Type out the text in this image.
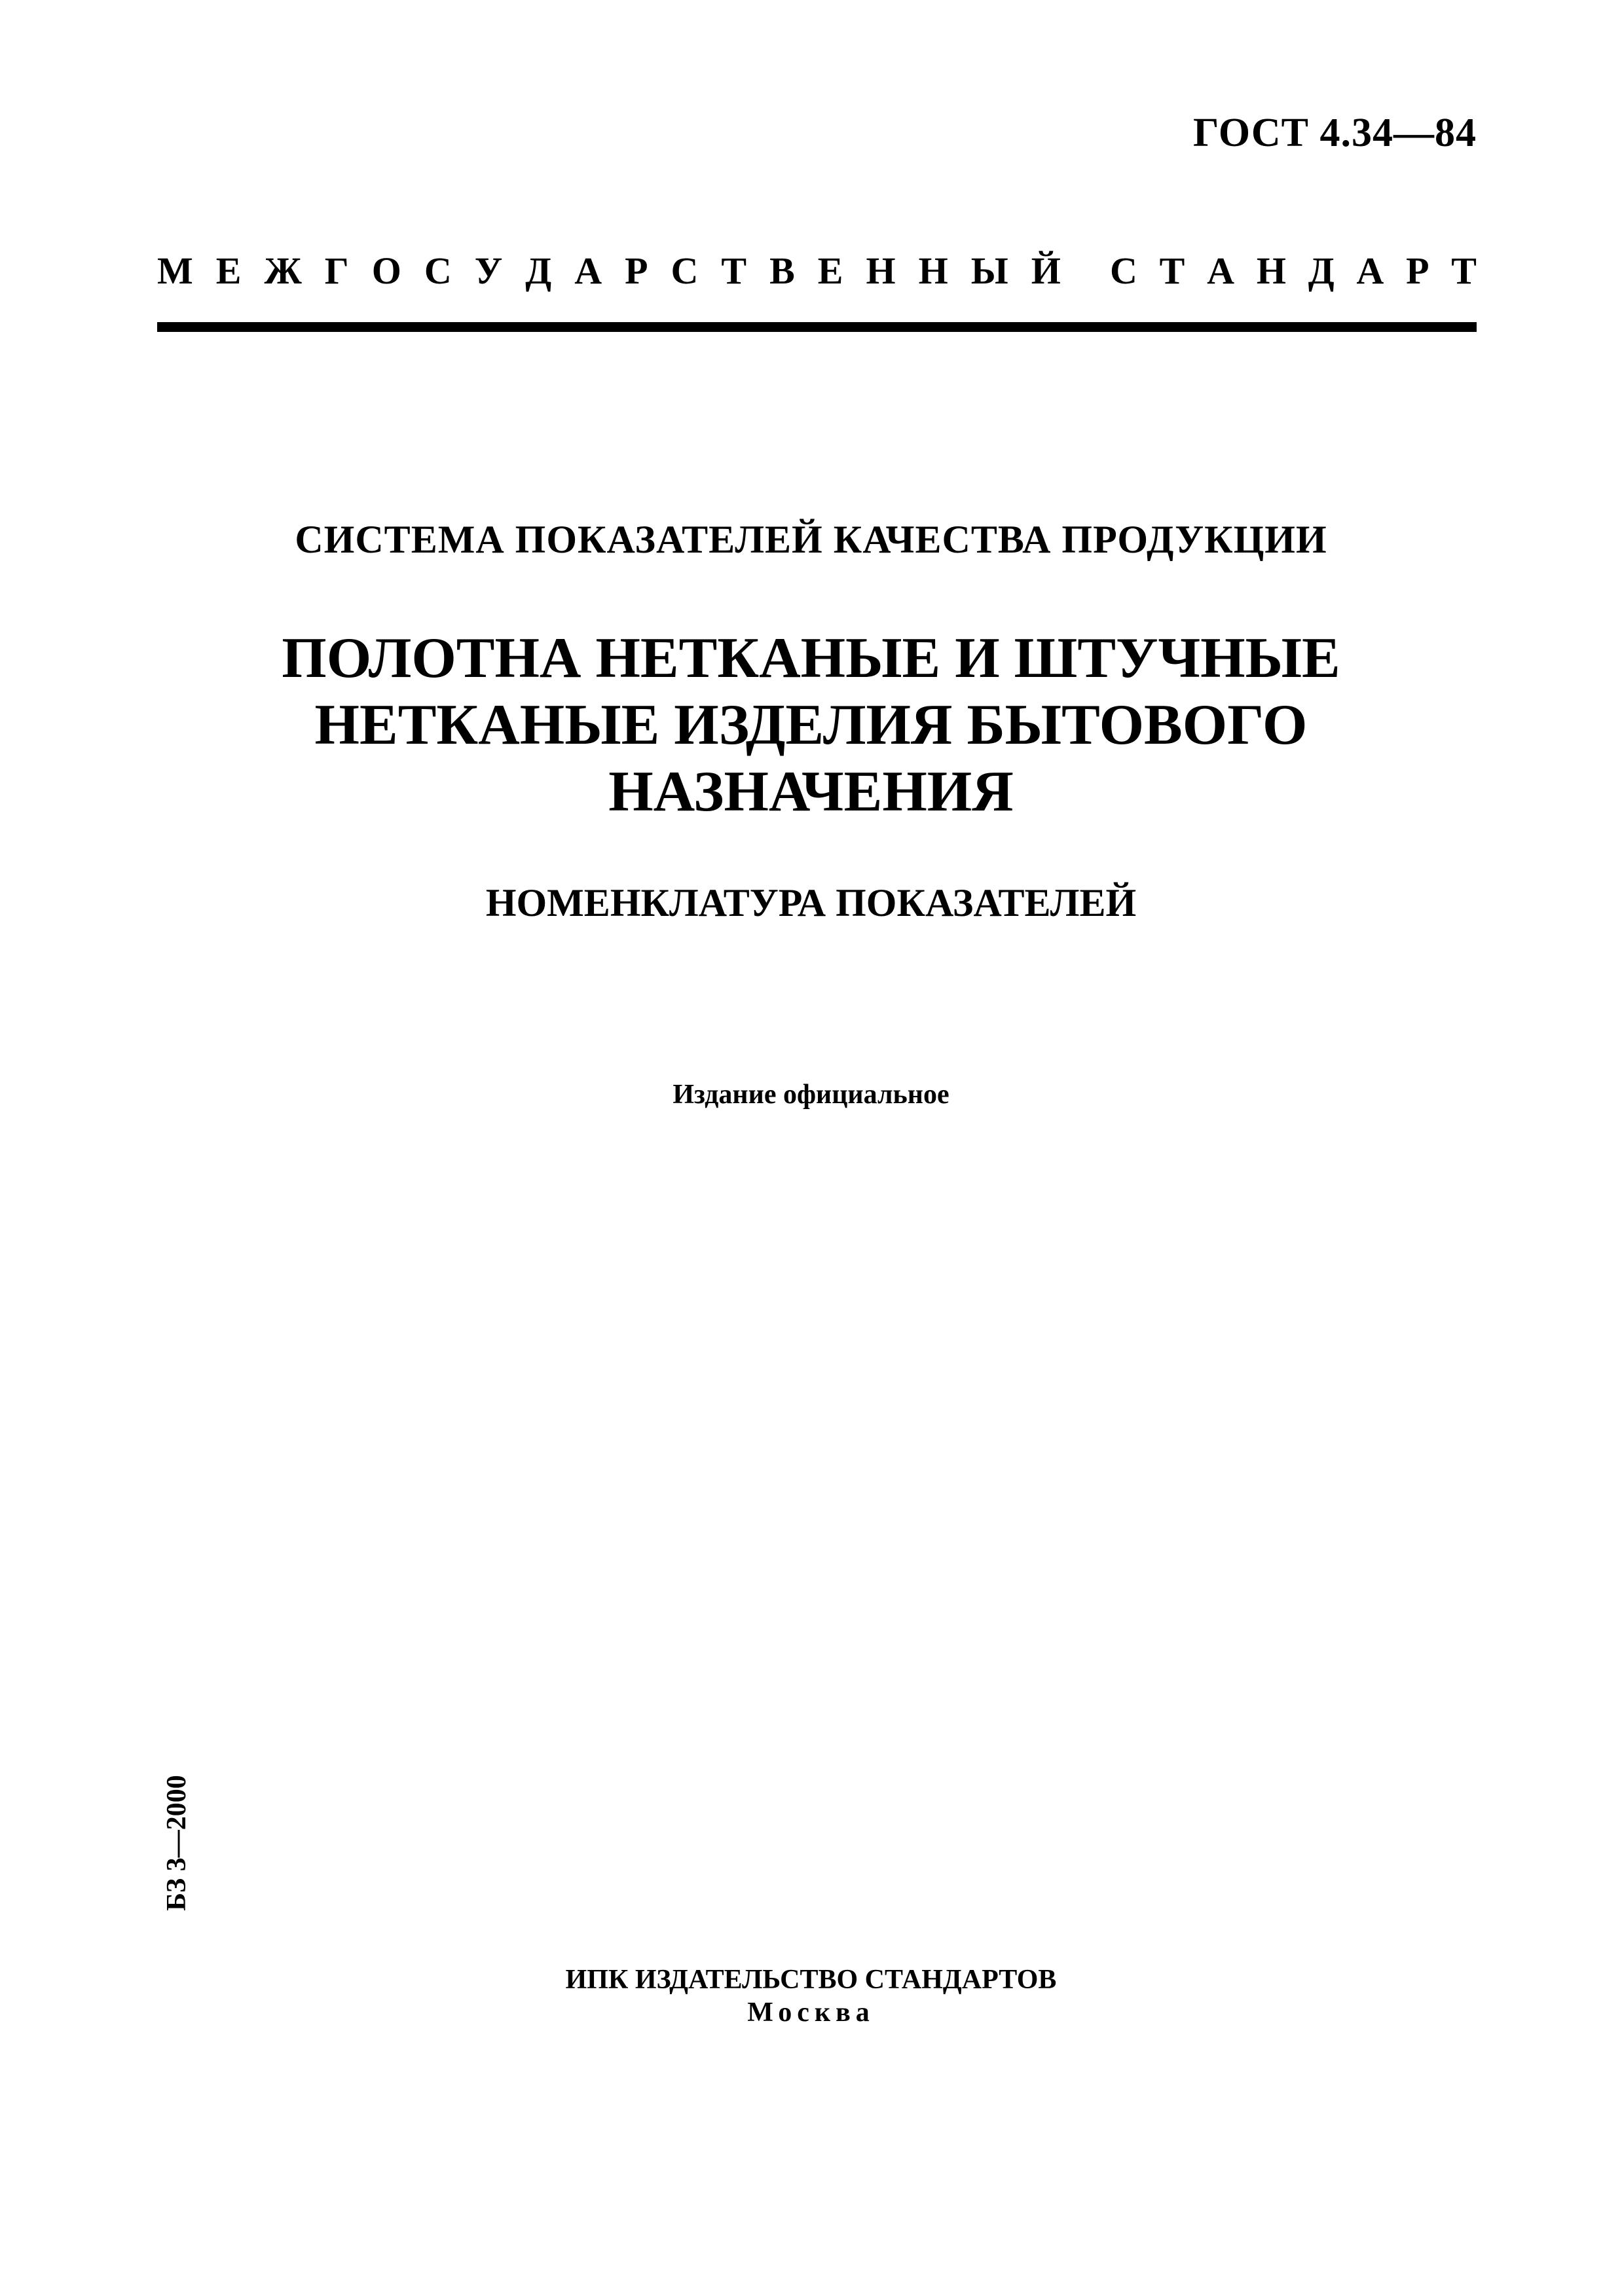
ГОСТ 4.34—84
М Е Ж Г О С У Д А Р С Т В Е Н Н Ы Й С Т А Н Д А Р Т
СИСТЕМА ПОКАЗАТЕЛЕЙ КАЧЕСТВА ПРОДУКЦИИ
ПОЛОТНА НЕТКАНЫЕ И ШТУЧНЫЕ
НЕТКАНЫЕ ИЗДЕЛИЯ БЫТОВОГО
НАЗНАЧЕНИЯ
НОМЕНКЛАТУРА ПОКАЗАТЕЛЕЙ
Издание официальное
БЗ 3—2000
ИПК ИЗДАТЕЛЬСТВО СТАНДАРТОВ
Москва
